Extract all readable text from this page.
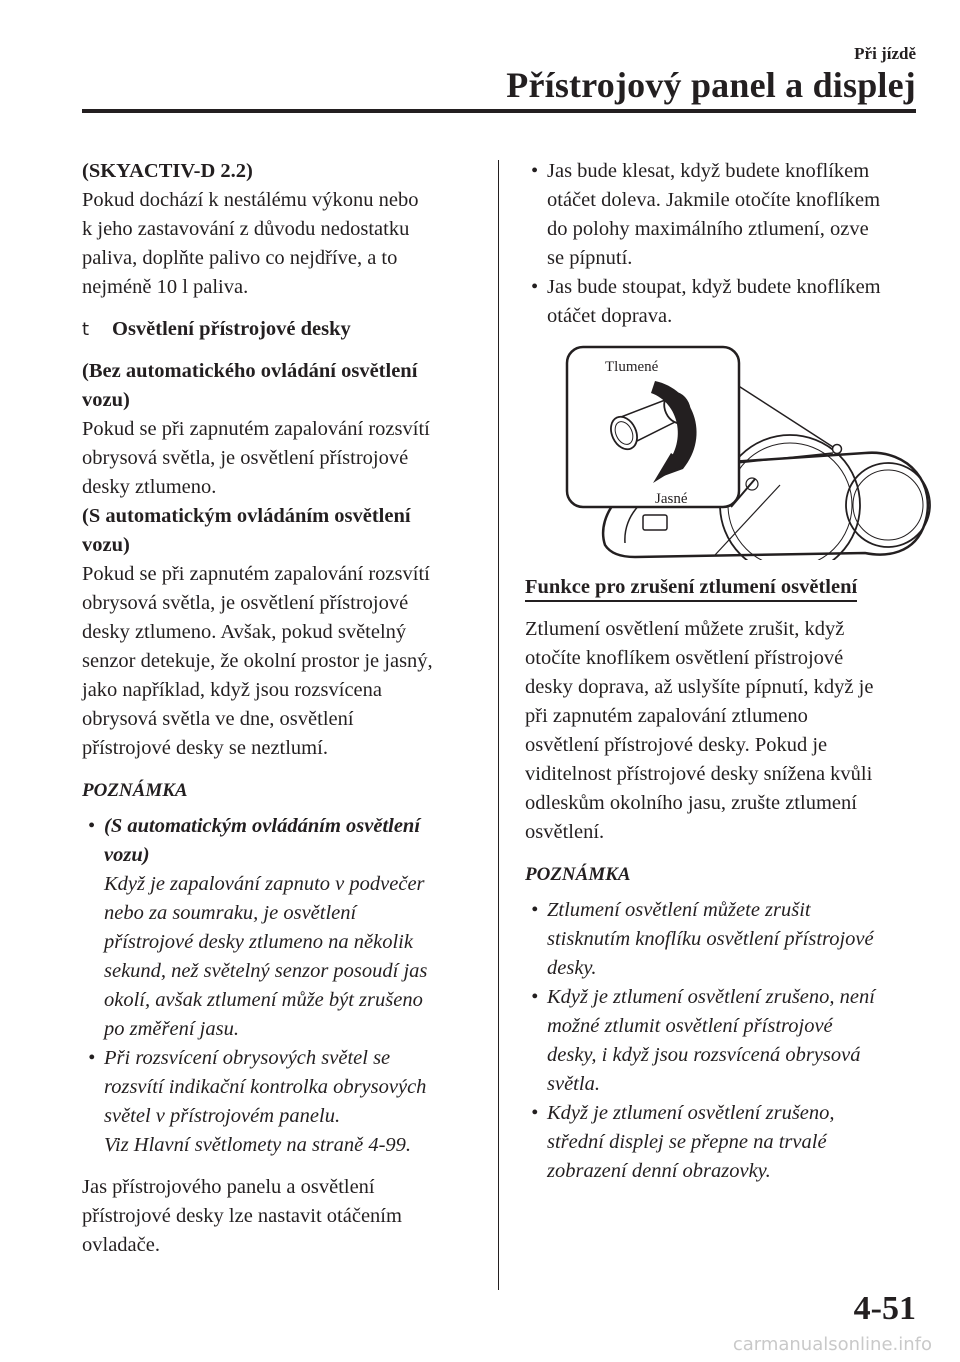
Při jízdě
Přístrojový panel a displej

(SKYACTIV-D 2.2)

Pokud dochází k nestálému výkonu nebo
k jeho zastavování z důvodu nedostatku
paliva, doplňte palivo co nejdříve, a to
nejméně 10 l paliva.

t Osvětlení přístrojové desky

(Bez automatického ovládání osvětlení
vozu)

Pokud se při zapnutém zapalování rozsvítí
obrysová světla, je osvětlení přístrojové
desky ztlumeno.

(S automatickým ovládáním osvětlení
vozu)

Pokud se při zapnutém zapalování rozsvítí
obrysová světla, je osvětlení přístrojové
desky ztlumeno. Avšak, pokud světelný
senzor detekuje, že okolní prostor je jasný,
jako například, když jsou rozsvícena
obrysová světla ve dne, osvětlení
přístrojové desky se neztlumí.

POZNÁMKA

• (S automatickým ovládáním osvětlení
vozu)
Když je zapalování zapnuto v podvečer
nebo za soumraku, je osvětlení
přístrojové desky ztlumeno na několik
sekund, než světelný senzor posoudí jas
okolí, avšak ztlumení může být zrušeno
po změření jasu.
• Při rozsvícení obrysových světel se
rozsvítí indikační kontrolka obrysových
světel v přístrojovém panelu.
Viz Hlavní světlomety na straně 4-99.

Jas přístrojového panelu a osvětlení
přístrojové desky lze nastavit otáčením
ovladače.

• Jas bude klesat, když budete knoflíkem
otáčet doleva. Jakmile otočíte knoflíkem
do polohy maximálního ztlumení, ozve
se pípnutí.
• Jas bude stoupat, když budete knoflíkem
otáčet doprava.
Tlumené
Jasné

Funkce pro zrušení ztlumení osvětlení

Ztlumení osvětlení můžete zrušit, když
otočíte knoflíkem osvětlení přístrojové
desky doprava, až uslyšíte pípnutí, když je
při zapnutém zapalování ztlumeno
osvětlení přístrojové desky. Pokud je
viditelnost přístrojové desky snížena kvůli
odleskům okolního jasu, zrušte ztlumení
osvětlení.

POZNÁMKA

• Ztlumení osvětlení můžete zrušit
stisknutím knoflíku osvětlení přístrojové
desky.
• Když je ztlumení osvětlení zrušeno, není
možné ztlumit osvětlení přístrojové
desky, i když jsou rozsvícená obrysová
světla.
• Když je ztlumení osvětlení zrušeno,
střední displej se přepne na trvalé
zobrazení denní obrazovky.
4-51
carmanualsonline.info
